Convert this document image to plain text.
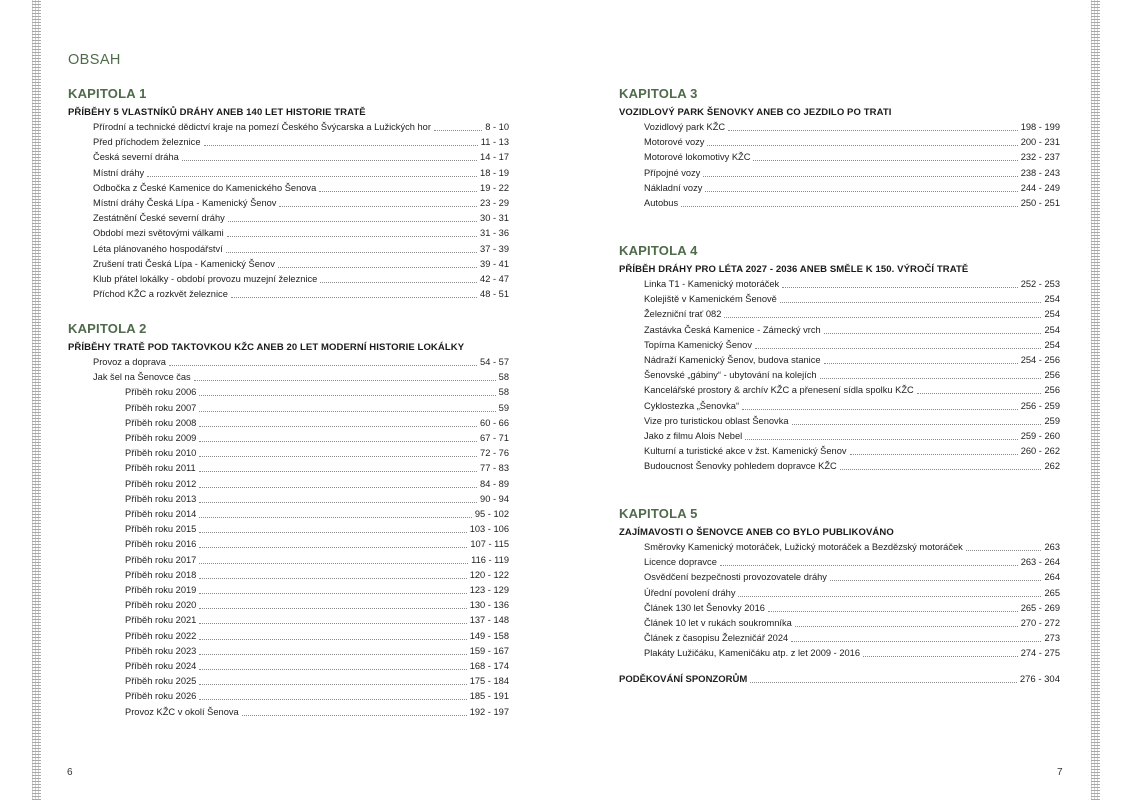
OBSAH
KAPITOLA 1
PŘÍBĚHY 5 VLASTNÍKŮ DRÁHY ANEB 140 LET HISTORIE TRATĚ
Přírodní a technické dědictví kraje na pomezí Českého Švýcarska a Lužických hor	8 - 10
Před příchodem železnice	11 - 13
Česká severní dráha	14 - 17
Místní dráhy	18 - 19
Odbočka z České Kamenice do Kamenického Šenova	19 - 22
Místní dráhy Česká Lípa - Kamenický Šenov	23 - 29
Zestátnění České severní dráhy	30 - 31
Období mezi světovými válkami	31 - 36
Léta plánovaného hospodářství	37 - 39
Zrušení trati Česká Lípa - Kamenický Šenov	39 - 41
Klub přátel lokálky - období provozu muzejní železnice	42 - 47
Příchod KŽC a rozkvět železnice	48 - 51
KAPITOLA 2
PŘÍBĚHY TRATĚ POD TAKTOVKOU KŽC ANEB 20 LET MODERNÍ HISTORIE LOKÁLKY
Provoz a doprava	54 - 57
Jak šel na Šenovce čas	58
Příběh roku 2006	58
Příběh roku 2007	59
Příběh roku 2008	60 - 66
Příběh roku 2009	67 - 71
Příběh roku 2010	72 - 76
Příběh roku 2011	77 - 83
Příběh roku 2012	84 - 89
Příběh roku 2013	90 - 94
Příběh roku 2014	95 - 102
Příběh roku 2015	103 - 106
Příběh roku 2016	107 - 115
Příběh roku 2017	116 - 119
Příběh roku 2018	120 - 122
Příběh roku 2019	123 - 129
Příběh roku 2020	130 - 136
Příběh roku 2021	137 - 148
Příběh roku 2022	149 - 158
Příběh roku 2023	159 - 167
Příběh roku 2024	168 - 174
Příběh roku 2025	175 - 184
Příběh roku 2026	185 - 191
Provoz KŽC v okolí Šenova	192 - 197
KAPITOLA 3
VOZIDLOVÝ PARK ŠENOVKY ANEB CO JEZDILO PO TRATI
Vozidlový park KŽC	198 - 199
Motorové vozy	200 - 231
Motorové lokomotivy KŽC	232 - 237
Přípojné vozy	238 - 243
Nákladní vozy	244 - 249
Autobus	250 - 251
KAPITOLA 4
PŘÍBĚH DRÁHY PRO LÉTA 2027 - 2036 ANEB SMĚLE K 150. VÝROČÍ TRATĚ
Linka T1 - Kamenický motoráček	252 - 253
Kolejiště v Kamenickém Šenově	254
Železniční trať 082	254
Zastávka Česká Kamenice - Zámecký vrch	254
Topírna Kamenický Šenov	254
Nádraží Kamenický Šenov, budova stanice	254 - 256
Šenovské „gábiny“ - ubytování na kolejích	256
Kancelářské prostory & archív KŽC a přenesení sídla spolku KŽC	256
Cyklostezka „Šenovka“	256 - 259
Vize pro turistickou oblast Šenovka	259
Jako z filmu Alois Nebel	259 - 260
Kulturní a turistické akce v žst. Kamenický Šenov	260 - 262
Budoucnost Šenovky pohledem dopravce KŽC	262
KAPITOLA 5
ZAJÍMAVOSTI O ŠENOVCE ANEB CO BYLO PUBLIKOVÁNO
Směrovky Kamenický motoráček, Lužický motoráček a Bezdězský motoráček	263
Licence dopravce	263 - 264
Osvědčení bezpečnosti provozovatele dráhy	264
Úřední povolení dráhy	265
Článek 130 let Šenovky 2016	265 - 269
Článek 10 let v rukách soukromníka	270 - 272
Článek z časopisu Železničář 2024	273
Plakáty Lužičáku, Kameničáku atp. z let 2009 - 2016	274 - 275
PODĚKOVÁNÍ SPONZORŮM	276 - 304
6	7
